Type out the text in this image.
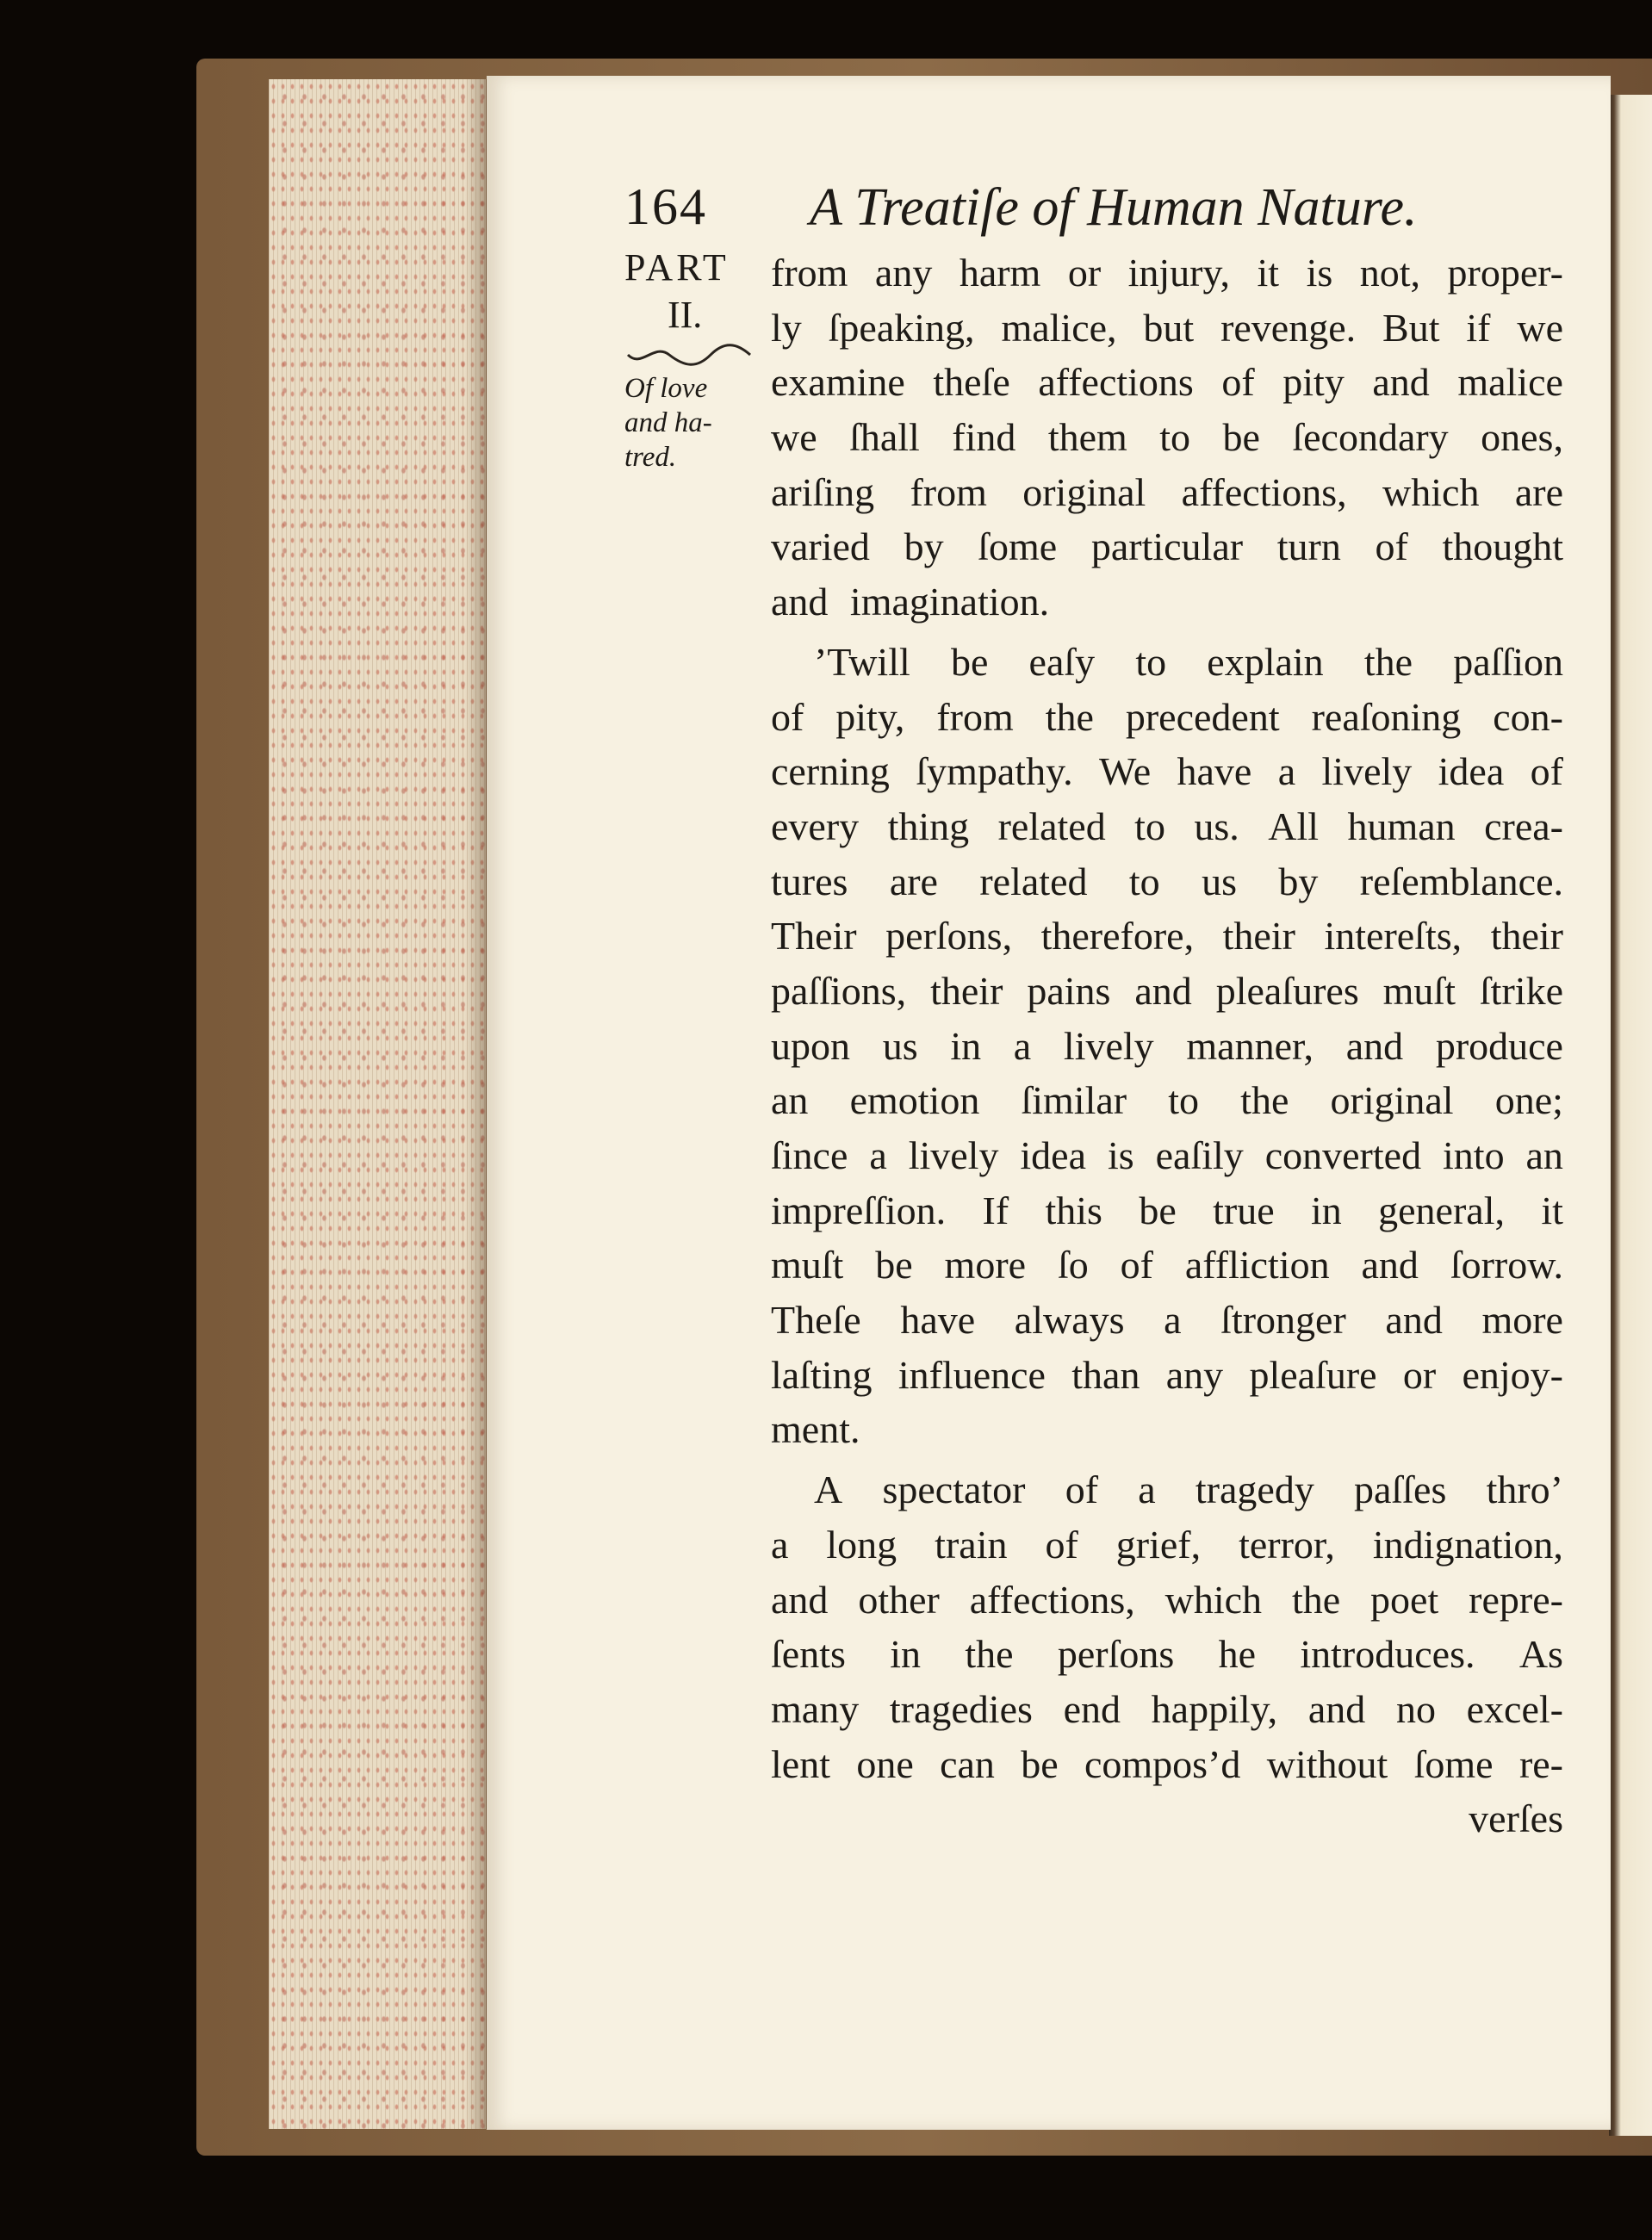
164 A Treatiſe of Human Nature.
PART
II.
Of love
and ha-
tred.
from any harm or injury, it is not, proper-
ly ſpeaking, malice, but revenge. But if we
examine theſe affections of pity and malice
we ſhall find them to be ſecondary ones,
ariſing from original affections, which are
varied by ſome particular turn of thought
and imagination.
’Twill be eaſy to explain the paſſion
of pity, from the precedent reaſoning con-
cerning ſympathy. We have a lively idea of
every thing related to us. All human crea-
tures are related to us by reſemblance.
Their perſons, therefore, their intereſts, their
paſſions, their pains and pleaſures muſt ſtrike
upon us in a lively manner, and produce
an emotion ſimilar to the original one;
ſince a lively idea is eaſily converted into an
impreſſion. If this be true in general, it
muſt be more ſo of affliction and ſorrow.
Theſe have always a ſtronger and more
laſting influence than any pleaſure or enjoy-
ment.
A spectator of a tragedy paſſes thro’
a long train of grief, terror, indignation,
and other affections, which the poet repre-
ſents in the perſons he introduces. As
many tragedies end happily, and no excel-
lent one can be compos’d without ſome re-
verſes
